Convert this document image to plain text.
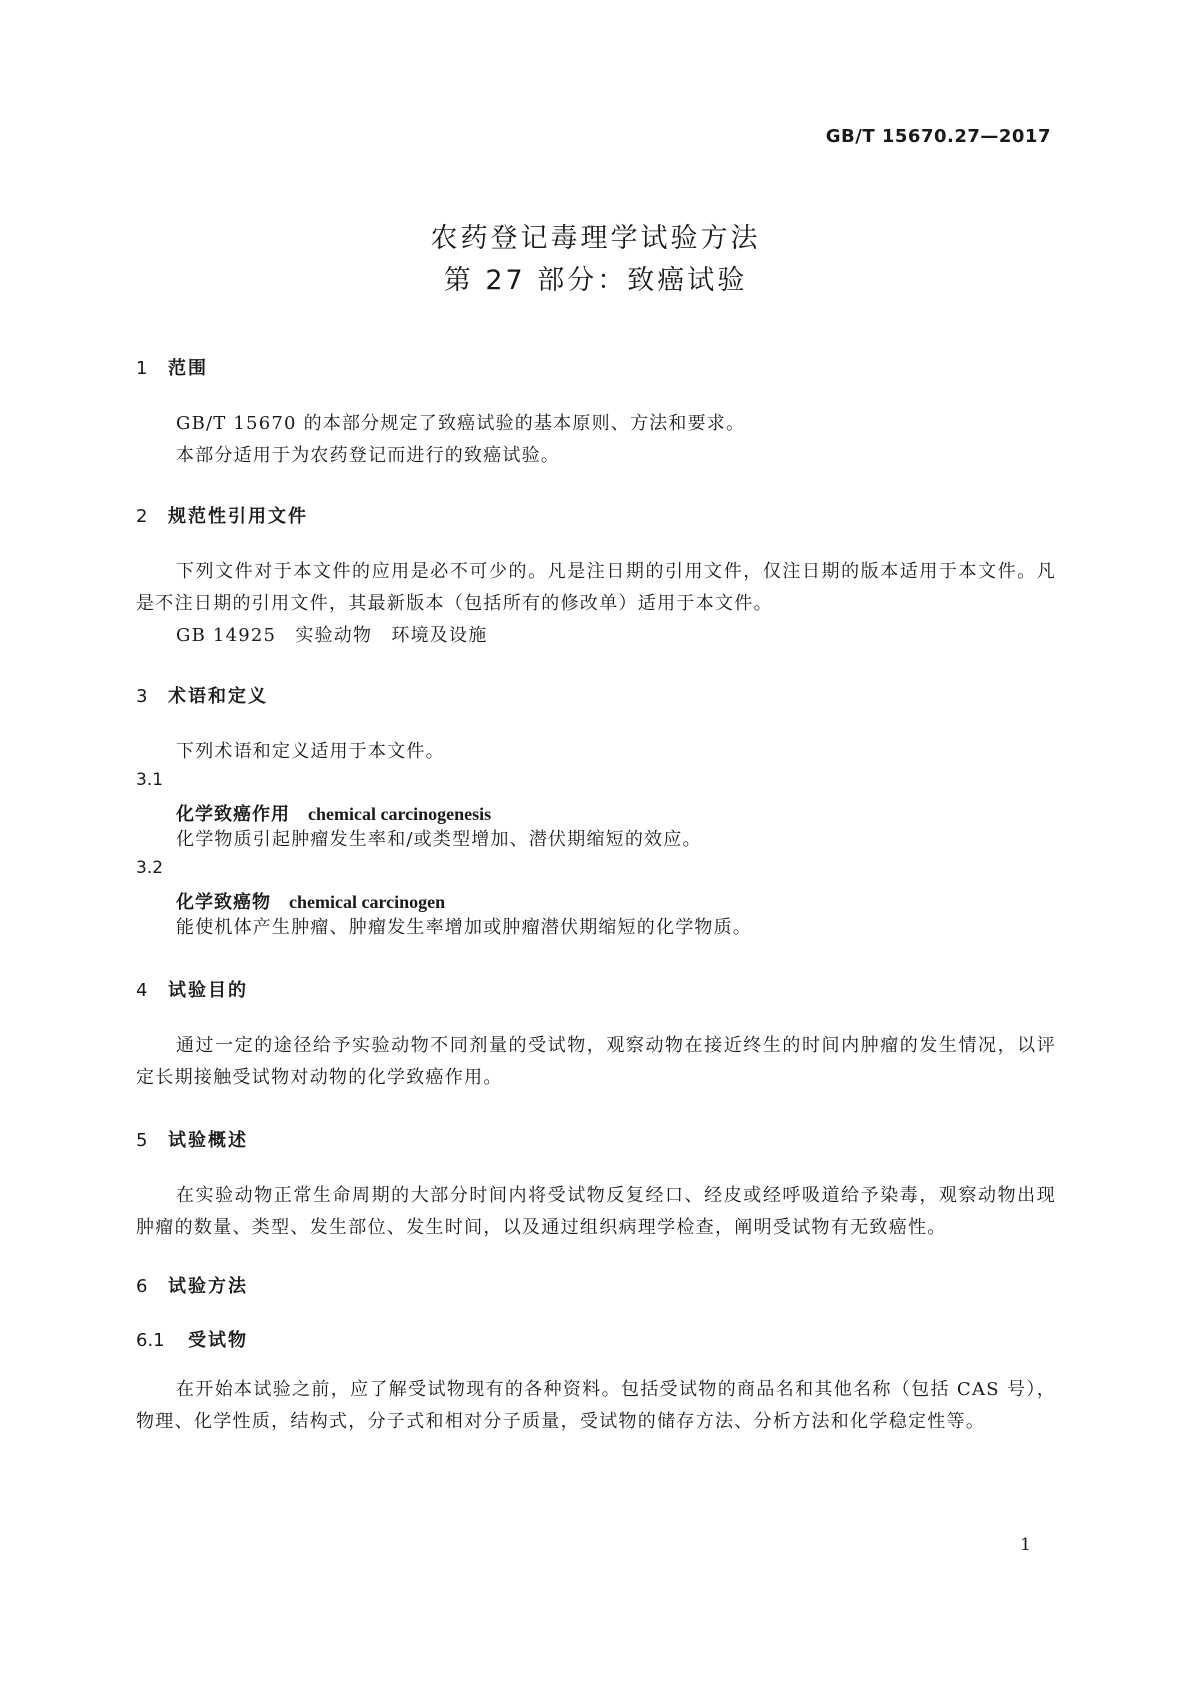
GB/T 15670.27—2017
农药登记毒理学试验方法
第 27 部分：致癌试验
1 范围
GB/T 15670 的本部分规定了致癌试验的基本原则、方法和要求。
本部分适用于为农药登记而进行的致癌试验。
2 规范性引用文件
下列文件对于本文件的应用是必不可少的。凡是注日期的引用文件，仅注日期的版本适用于本文件。凡是不注日期的引用文件，其最新版本（包括所有的修改单）适用于本文件。
GB 14925　实验动物　环境及设施
3 术语和定义
下列术语和定义适用于本文件。
3.1
化学致癌作用 chemical carcinogenesis
化学物质引起肿瘤发生率和/或类型增加、潜伏期缩短的效应。
3.2
化学致癌物 chemical carcinogen
能使机体产生肿瘤、肿瘤发生率增加或肿瘤潜伏期缩短的化学物质。
4 试验目的
通过一定的途径给予实验动物不同剂量的受试物，观察动物在接近终生的时间内肿瘤的发生情况，以评定长期接触受试物对动物的化学致癌作用。
5 试验概述
在实验动物正常生命周期的大部分时间内将受试物反复经口、经皮或经呼吸道给予染毒，观察动物出现肿瘤的数量、类型、发生部位、发生时间，以及通过组织病理学检查，阐明受试物有无致癌性。
6 试验方法
6.1 受试物
在开始本试验之前，应了解受试物现有的各种资料。包括受试物的商品名和其他名称（包括 CAS 号），物理、化学性质，结构式，分子式和相对分子质量，受试物的储存方法、分析方法和化学稳定性等。
1
